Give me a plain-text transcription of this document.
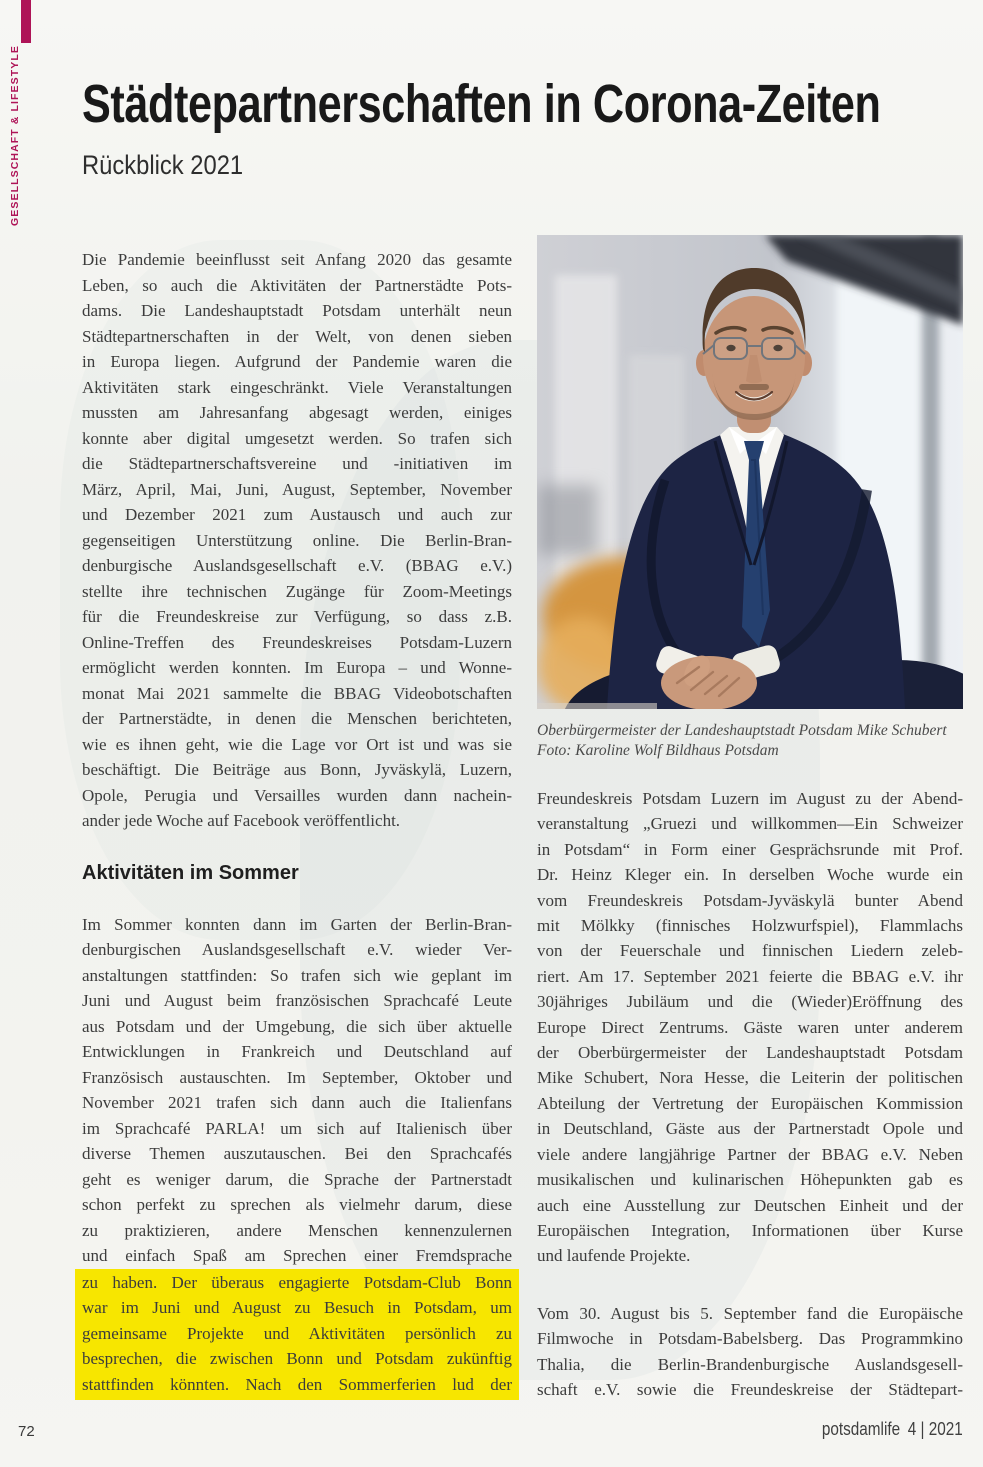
GESELLSCHAFT & LIFESTYLE Städtepartnerschaften in Corona-Zeiten
Rückblick 2021
Die Pandemie beeinflusst seit Anfang 2020 das gesamte
Leben, so auch die Aktivitäten der Partnerstädte Pots-
dams. Die Landeshauptstadt Potsdam unterhält neun
Städtepartnerschaften in der Welt, von denen sieben
in Europa liegen. Aufgrund der Pandemie waren die
Aktivitäten stark eingeschränkt. Viele Veranstaltungen
mussten am Jahresanfang abgesagt werden, einiges
konnte aber digital umgesetzt werden. So trafen sich
die Städtepartnerschaftsvereine und -initiativen im
März, April, Mai, Juni, August, September, November
und Dezember 2021 zum Austausch und auch zur
gegenseitigen Unterstützung online. Die Berlin-Bran-
denburgische Auslandsgesellschaft e.V. (BBAG e.V.)
stellte ihre technischen Zugänge für Zoom-Meetings
für die Freundeskreise zur Verfügung, so dass z.B.
Online-Treffen des Freundeskreises Potsdam-Luzern
ermöglicht werden konnten. Im Europa – und Wonne-
monat Mai 2021 sammelte die BBAG Videobotschaften
der Partnerstädte, in denen die Menschen berichteten,
wie es ihnen geht, wie die Lage vor Ort ist und was sie
beschäftigt. Die Beiträge aus Bonn, Jyväskylä, Luzern,
Opole, Perugia und Versailles wurden dann nachein-
ander jede Woche auf Facebook veröffentlicht.
Aktivitäten im Sommer
Im Sommer konnten dann im Garten der Berlin-Bran-
denburgischen Auslandsgesellschaft e.V. wieder Ver-
anstaltungen stattfinden: So trafen sich wie geplant im
Juni und August beim französischen Sprachcafé Leute
aus Potsdam und der Umgebung, die sich über aktuelle
Entwicklungen in Frankreich und Deutschland auf
Französisch austauschten. Im September, Oktober und
November 2021 trafen sich dann auch die Italienfans
im Sprachcafé PARLA! um sich auf Italienisch über
diverse Themen auszutauschen. Bei den Sprachcafés
geht es weniger darum, die Sprache der Partnerstadt
schon perfekt zu sprechen als vielmehr darum, diese
zu praktizieren, andere Menschen kennenzulernen
und einfach Spaß am Sprechen einer Fremdsprache
zu haben. Der überaus engagierte Potsdam-Club Bonn
war im Juni und August zu Besuch in Potsdam, um
gemeinsame Projekte und Aktivitäten persönlich zu
besprechen, die zwischen Bonn und Potsdam zukünftig
stattfinden könnten. Nach den Sommerferien lud der
Oberbürgermeister der Landeshauptstadt Potsdam Mike Schubert
Foto: Karoline Wolf Bildhaus Potsdam
Freundeskreis Potsdam Luzern im August zu der Abend-
veranstaltung „Gruezi und willkommen—Ein Schweizer
in Potsdam“ in Form einer Gesprächsrunde mit Prof.
Dr. Heinz Kleger ein. In derselben Woche wurde ein
vom Freundeskreis Potsdam-Jyväskylä bunter Abend
mit Mölkky (finnisches Holzwurfspiel), Flammlachs
von der Feuerschale und finnischen Liedern zeleb-
riert. Am 17. September 2021 feierte die BBAG e.V. ihr
30jähriges Jubiläum und die (Wieder)Eröffnung des
Europe Direct Zentrums. Gäste waren unter anderem
der Oberbürgermeister der Landeshauptstadt Potsdam
Mike Schubert, Nora Hesse, die Leiterin der politischen
Abteilung der Vertretung der Europäischen Kommission
in Deutschland, Gäste aus der Partnerstadt Opole und
viele andere langjährige Partner der BBAG e.V. Neben
musikalischen und kulinarischen Höhepunkten gab es
auch eine Ausstellung zur Deutschen Einheit und der
Europäischen Integration, Informationen über Kurse
und laufende Projekte.
Vom 30. August bis 5. September fand die Europäische
Filmwoche in Potsdam-Babelsberg. Das Programmkino
Thalia, die Berlin-Brandenburgische Auslandsgesell-
schaft e.V. sowie die Freundeskreise der Städtepart-
72	potsdamlife 4 | 2021
